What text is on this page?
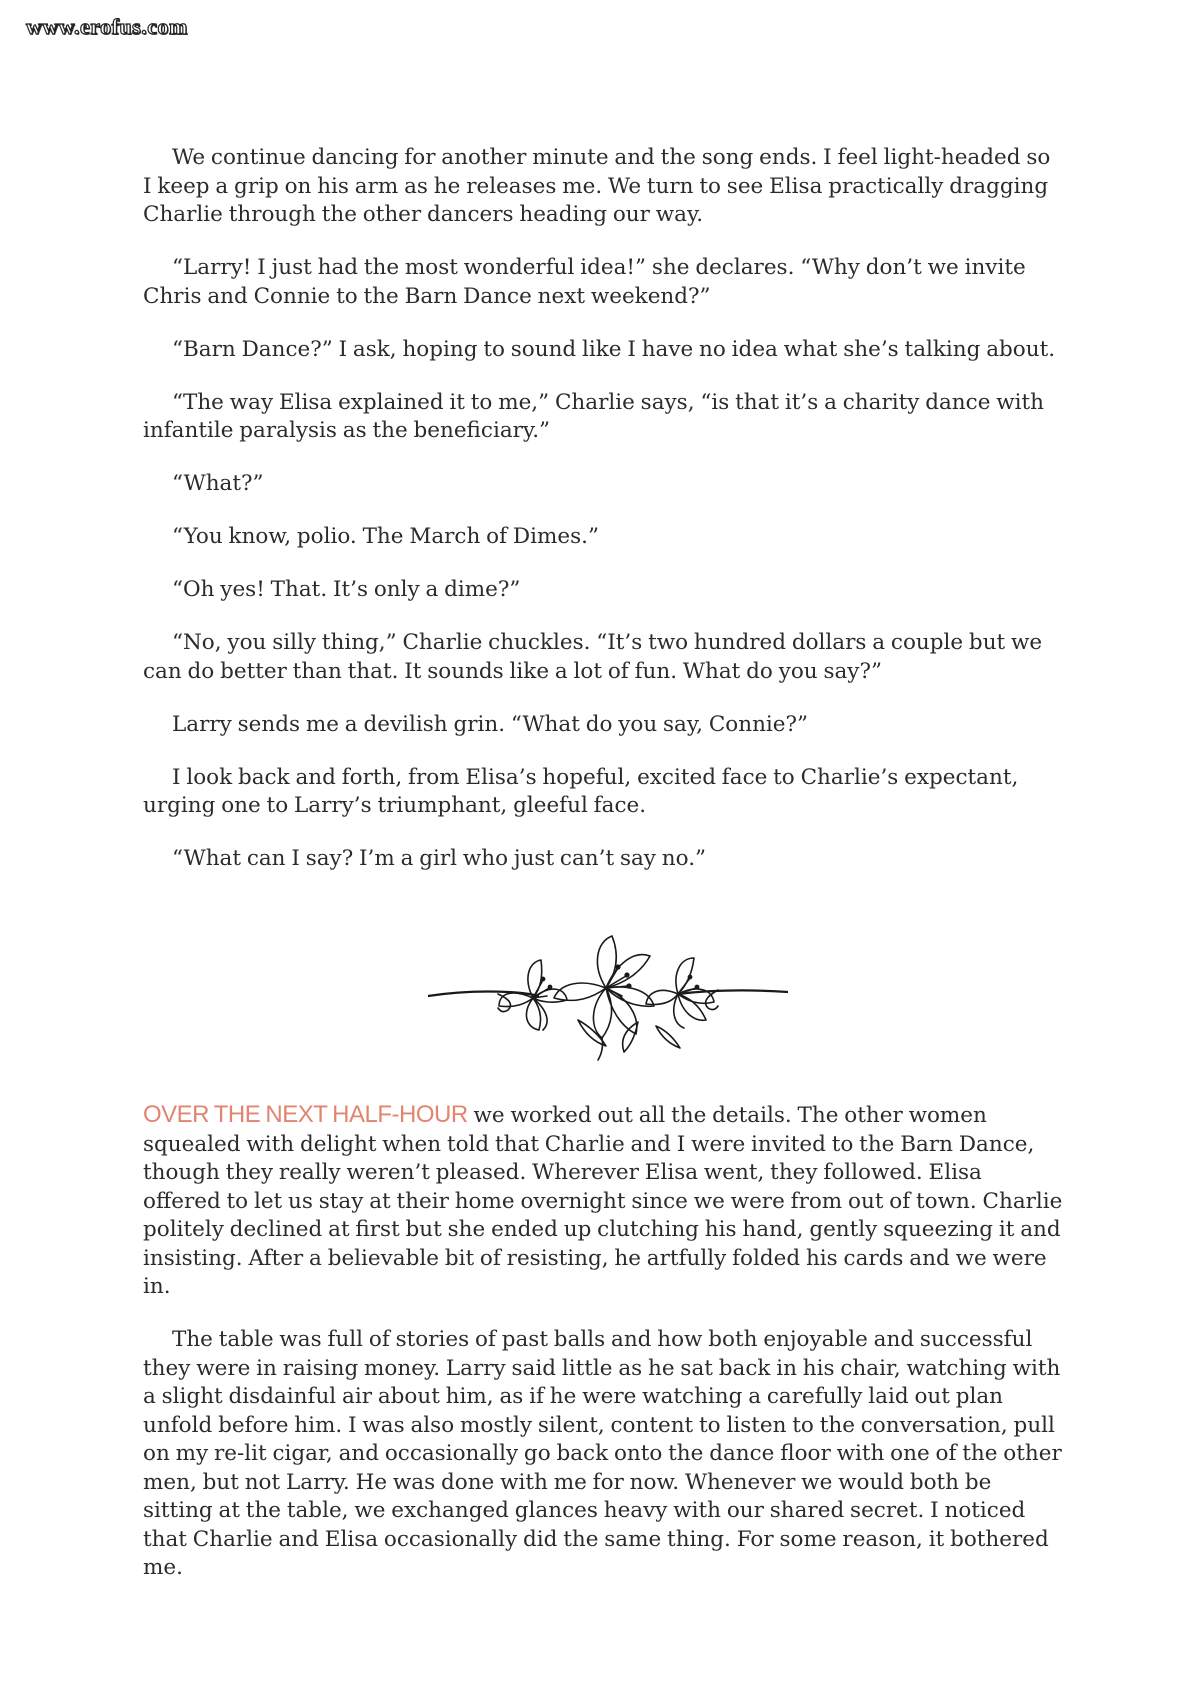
www.erofus.com

We continue dancing for another minute and the song ends. I feel light-headed so I keep a grip on his arm as he releases me. We turn to see Elisa practically dragging Charlie through the other dancers heading our way.

“Larry! I just had the most wonderful idea!” she declares. “Why don’t we invite Chris and Connie to the Barn Dance next weekend?”

“Barn Dance?” I ask, hoping to sound like I have no idea what she’s talking about.

“The way Elisa explained it to me,” Charlie says, “is that it’s a charity dance with infantile paralysis as the beneficiary.”

“What?”

“You know, polio. The March of Dimes.”

“Oh yes! That. It’s only a dime?”

“No, you silly thing,” Charlie chuckles. “It’s two hundred dollars a couple but we can do better than that. It sounds like a lot of fun. What do you say?”

Larry sends me a devilish grin. “What do you say, Connie?”

I look back and forth, from Elisa’s hopeful, excited face to Charlie’s expectant, urging one to Larry’s triumphant, gleeful face.

“What can I say? I’m a girl who just can’t say no.”

OVER THE NEXT HALF-HOUR we worked out all the details. The other women squealed with delight when told that Charlie and I were invited to the Barn Dance, though they really weren’t pleased. Wherever Elisa went, they followed. Elisa offered to let us stay at their home overnight since we were from out of town. Charlie politely declined at first but she ended up clutching his hand, gently squeezing it and insisting. After a believable bit of resisting, he artfully folded his cards and we were in.

The table was full of stories of past balls and how both enjoyable and successful they were in raising money. Larry said little as he sat back in his chair, watching with a slight disdainful air about him, as if he were watching a carefully laid out plan unfold before him. I was also mostly silent, content to listen to the conversation, pull on my re-lit cigar, and occasionally go back onto the dance floor with one of the other men, but not Larry. He was done with me for now. Whenever we would both be sitting at the table, we exchanged glances heavy with our shared secret. I noticed that Charlie and Elisa occasionally did the same thing. For some reason, it bothered me.
